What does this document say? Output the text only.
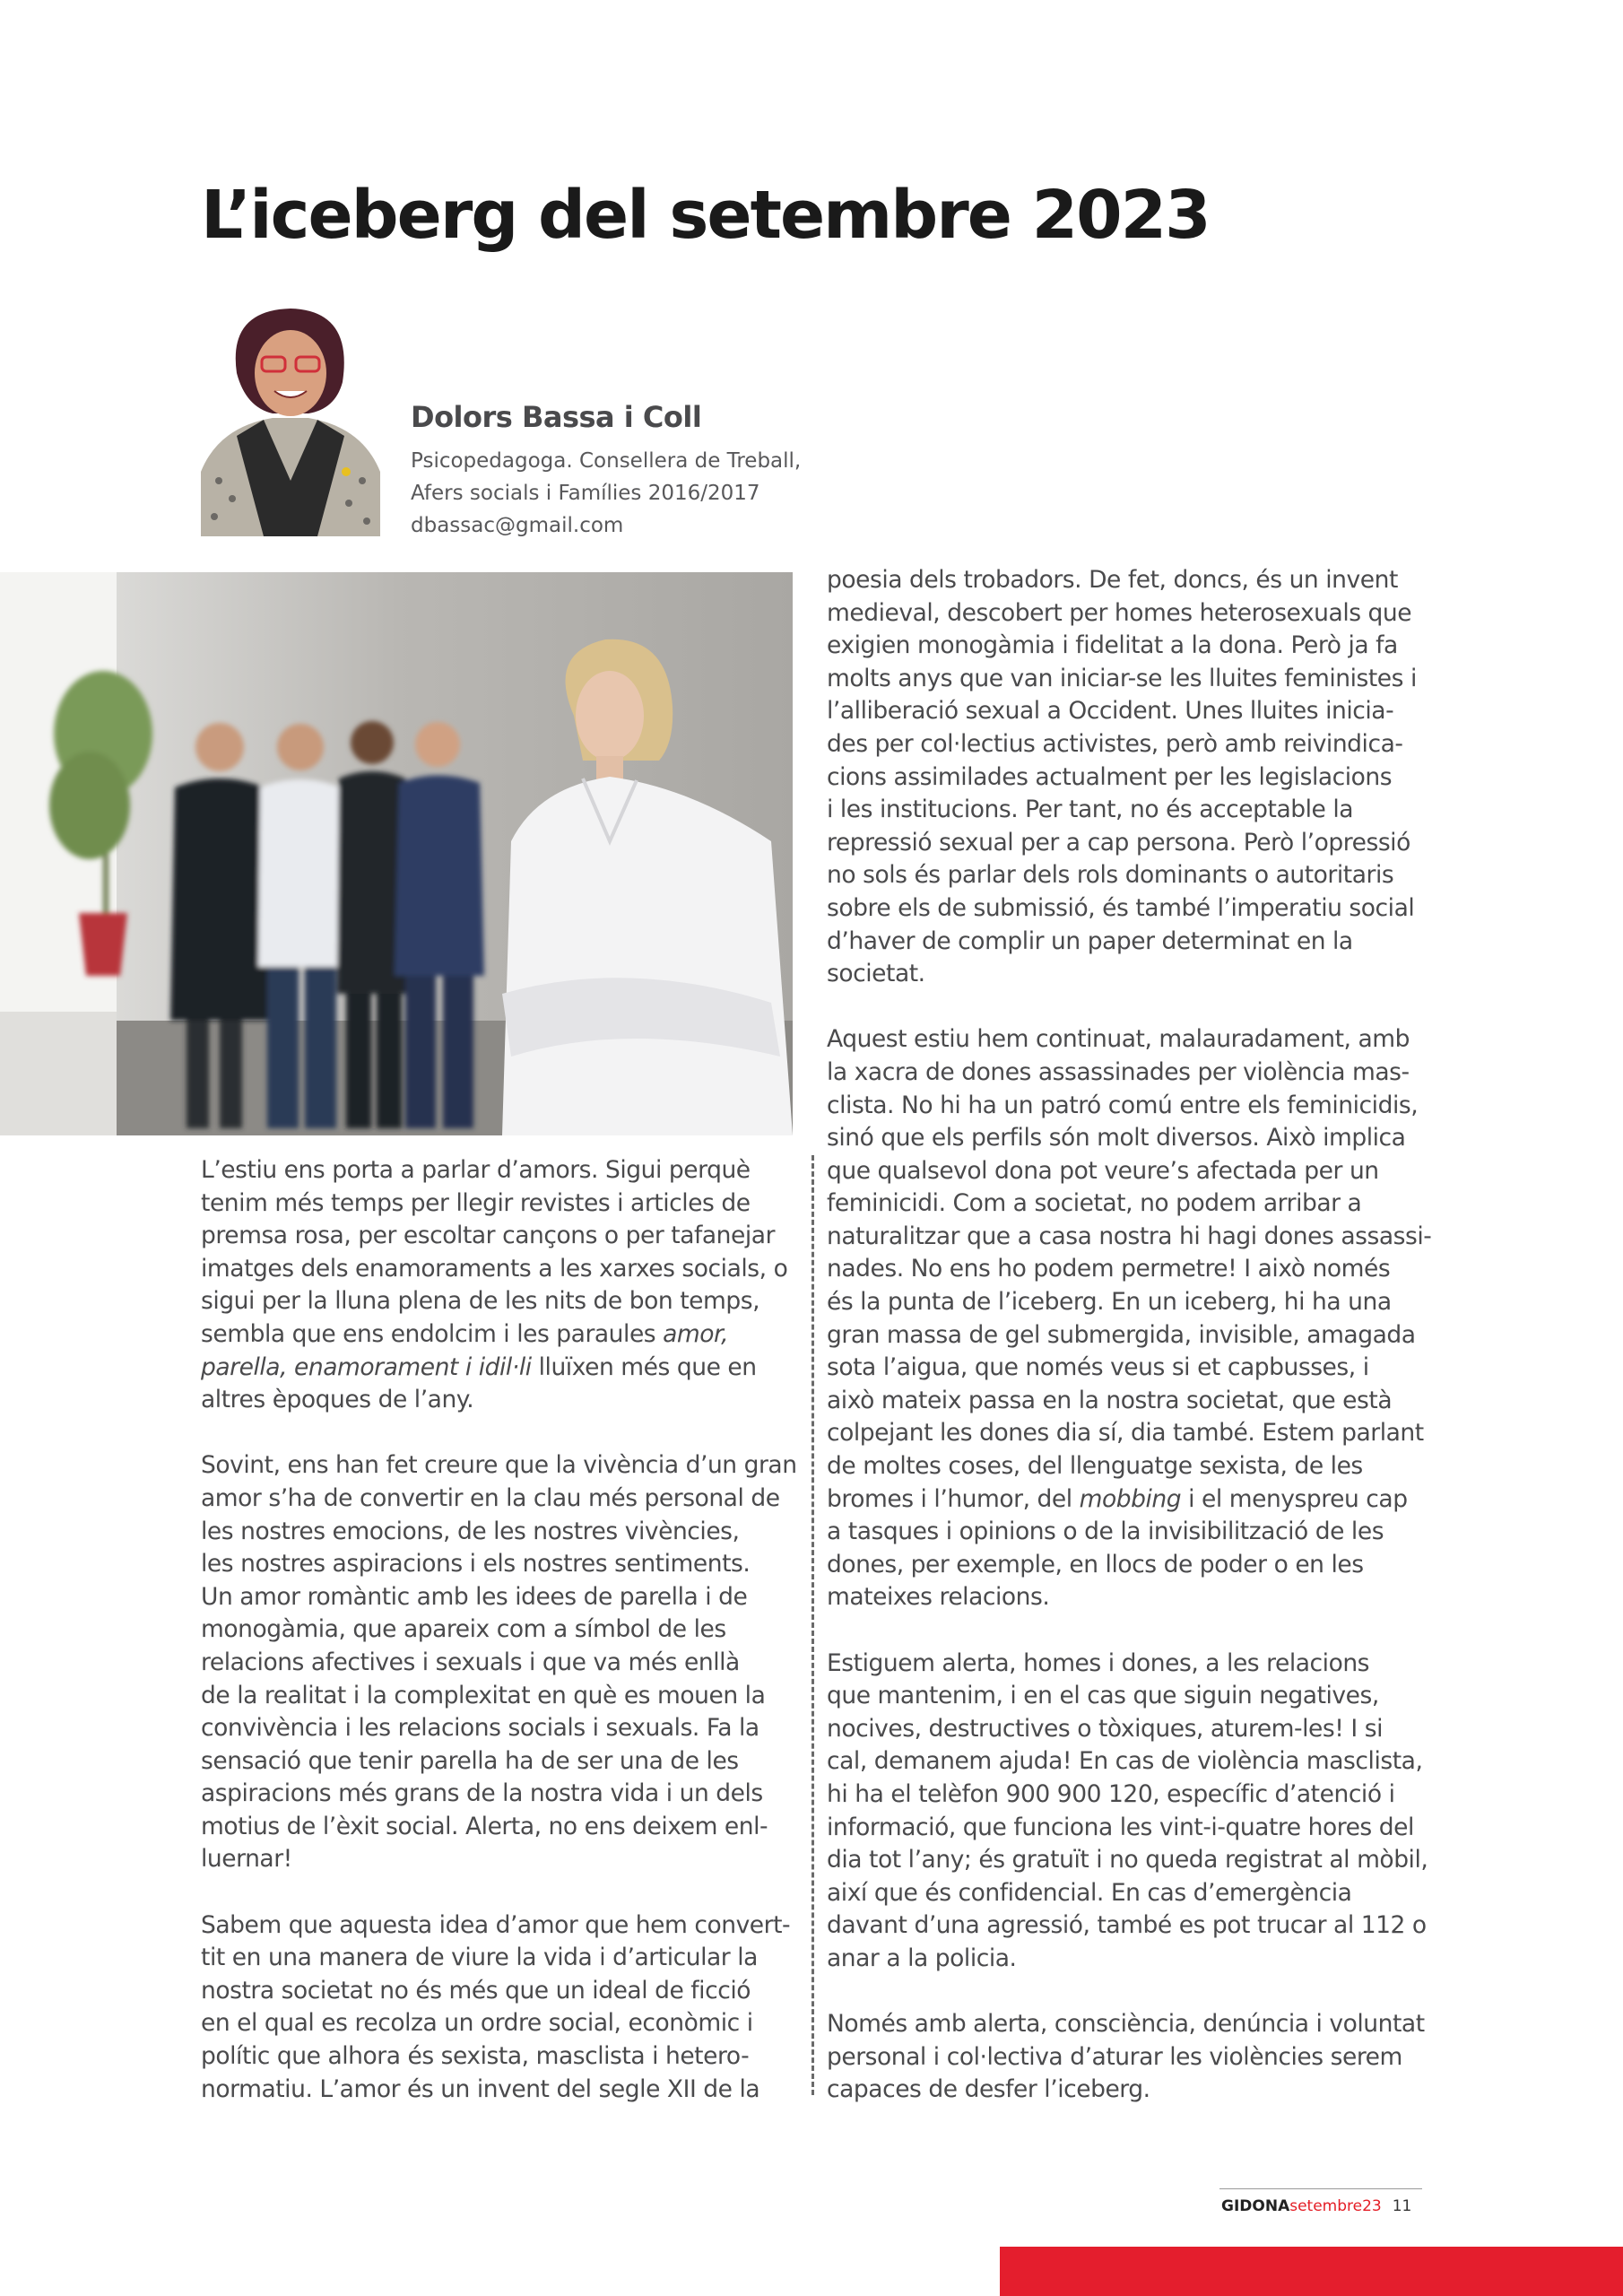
L’iceberg del setembre 2023

Dolors Bassa i Coll

Psicopedagoga. Consellera de Treball,

Afers socials i Famílies 2016/2017

dbassac@gmail.com

L’estiu ens porta a parlar d’amors. Sigui perquè
tenim més temps per llegir revistes i articles de
premsa rosa, per escoltar cançons o per tafanejar
imatges dels enamoraments a les xarxes socials, o
sigui per la lluna plena de les nits de bon temps,
sembla que ens endolcim i les paraules amor,
parella, enamorament i idil·li lluïxen més que en
altres èpoques de l’any.

Sovint, ens han fet creure que la vivència d’un gran
amor s’ha de convertir en la clau més personal de
les nostres emocions, de les nostres vivències,
les nostres aspiracions i els nostres sentiments.
Un amor romàntic amb les idees de parella i de
monogàmia, que apareix com a símbol de les
relacions afectives i sexuals i que va més enllà
de la realitat i la complexitat en què es mouen la
convivència i les relacions socials i sexuals. Fa la
sensació que tenir parella ha de ser una de les
aspiracions més grans de la nostra vida i un dels
motius de l’èxit social. Alerta, no ens deixem enl-
luernar!

Sabem que aquesta idea d’amor que hem convert-
tit en una manera de viure la vida i d’articular la
nostra societat no és més que un ideal de ficció
en el qual es recolza un ordre social, econòmic i
polític que alhora és sexista, masclista i hetero-
normatiu. L’amor és un invent del segle XII de la

poesia dels trobadors. De fet, doncs, és un invent
medieval, descobert per homes heterosexuals que
exigien monogàmia i fidelitat a la dona. Però ja fa
molts anys que van iniciar-se les lluites feministes i
l’alliberació sexual a Occident. Unes lluites inicia-
des per col·lectius activistes, però amb reivindica-
cions assimilades actualment per les legislacions
i les institucions. Per tant, no és acceptable la
repressió sexual per a cap persona. Però l’opressió
no sols és parlar dels rols dominants o autoritaris
sobre els de submissió, és també l’imperatiu social
d’haver de complir un paper determinat en la
societat.

Aquest estiu hem continuat, malauradament, amb
la xacra de dones assassinades per violència mas-
clista. No hi ha un patró comú entre els feminicidis,
sinó que els perfils són molt diversos. Això implica
que qualsevol dona pot veure’s afectada per un
feminicidi. Com a societat, no podem arribar a
naturalitzar que a casa nostra hi hagi dones assassi-
nades. No ens ho podem permetre! I això només
és la punta de l’iceberg. En un iceberg, hi ha una
gran massa de gel submergida, invisible, amagada
sota l’aigua, que només veus si et capbusses, i
això mateix passa en la nostra societat, que està
colpejant les dones dia sí, dia també. Estem parlant
de moltes coses, del llenguatge sexista, de les
bromes i l’humor, del mobbing i el menyspreu cap
a tasques i opinions o de la invisibilització de les
dones, per exemple, en llocs de poder o en les
mateixes relacions.

Estiguem alerta, homes i dones, a les relacions
que mantenim, i en el cas que siguin negatives,
nocives, destructives o tòxiques, aturem-les! I si
cal, demanem ajuda! En cas de violència masclista,
hi ha el telèfon 900 900 120, específic d’atenció i
informació, que funciona les vint-i-quatre hores del
dia tot l’any; és gratuït i no queda registrat al mòbil,
així que és confidencial. En cas d’emergència
davant d’una agressió, també es pot trucar al 112 o
anar a la policia.

Només amb alerta, consciència, denúncia i voluntat
personal i col·lectiva d’aturar les violències serem
capaces de desfer l’iceberg.

GIDONAsetembre23 11
